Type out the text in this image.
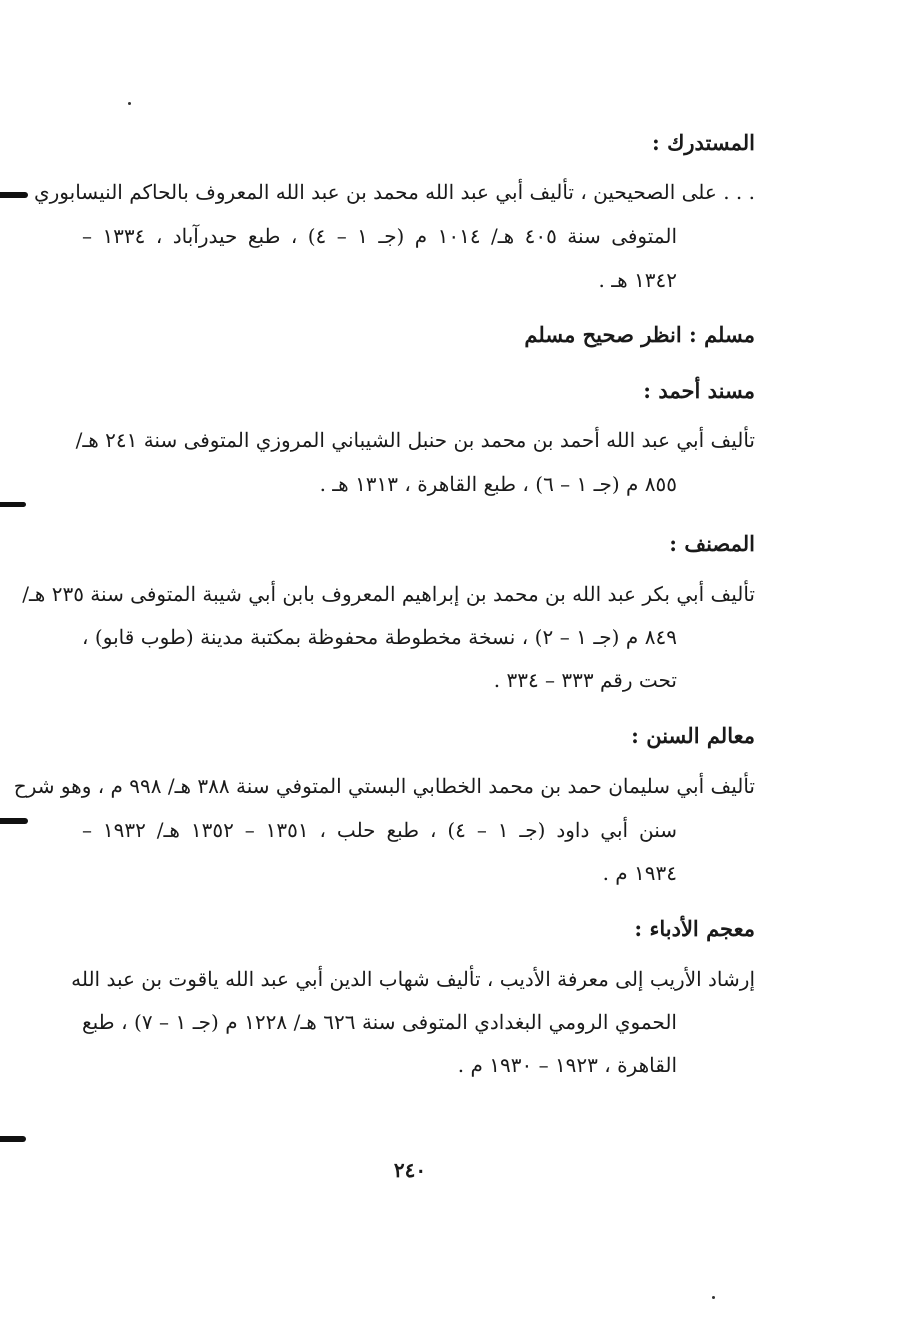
المستدرك :
. . . على الصحيحين ، تأليف أبي عبد الله محمد بن عبد الله المعروف بالحاكم النيسابوري
المتوفى سنة ٤٠٥ هـ/ ١٠١٤ م (جـ ١ – ٤) ، طبع حيدرآباد ، ١٣٣٤ –
١٣٤٢ هـ .
مسلم : انظر صحيح مسلم
مسند أحمد :
تأليف أبي عبد الله أحمد بن محمد بن حنبل الشيباني المروزي المتوفى سنة ٢٤١ هـ/
٨٥٥ م (جـ ١ – ٦) ، طبع القاهرة ، ١٣١٣ هـ .
المصنف :
تأليف أبي بكر عبد الله بن محمد بن إبراهيم المعروف بابن أبي شيبة المتوفى سنة ٢٣٥ هـ/
٨٤٩ م (جـ ١ – ٢) ، نسخة مخطوطة محفوظة بمكتبة مدينة (طوب قابو) ،
تحت رقم ٣٣٣ – ٣٣٤ .
معالم السنن :
تأليف أبي سليمان حمد بن محمد الخطابي البستي المتوفي سنة ٣٨٨ هـ/ ٩٩٨ م ، وهو شرح
سنن أبي داود (جـ ١ – ٤) ، طبع حلب ، ١٣٥١ – ١٣٥٢ هـ/ ١٩٣٢ –
١٩٣٤ م .
معجم الأدباء :
إرشاد الأريب إلى معرفة الأديب ، تأليف شهاب الدين أبي عبد الله ياقوت بن عبد الله
الحموي الرومي البغدادي المتوفى سنة ٦٢٦ هـ/ ١٢٢٨ م (جـ ١ – ٧) ، طبع
القاهرة ، ١٩٢٣ – ١٩٣٠ م .
٢٤٠
